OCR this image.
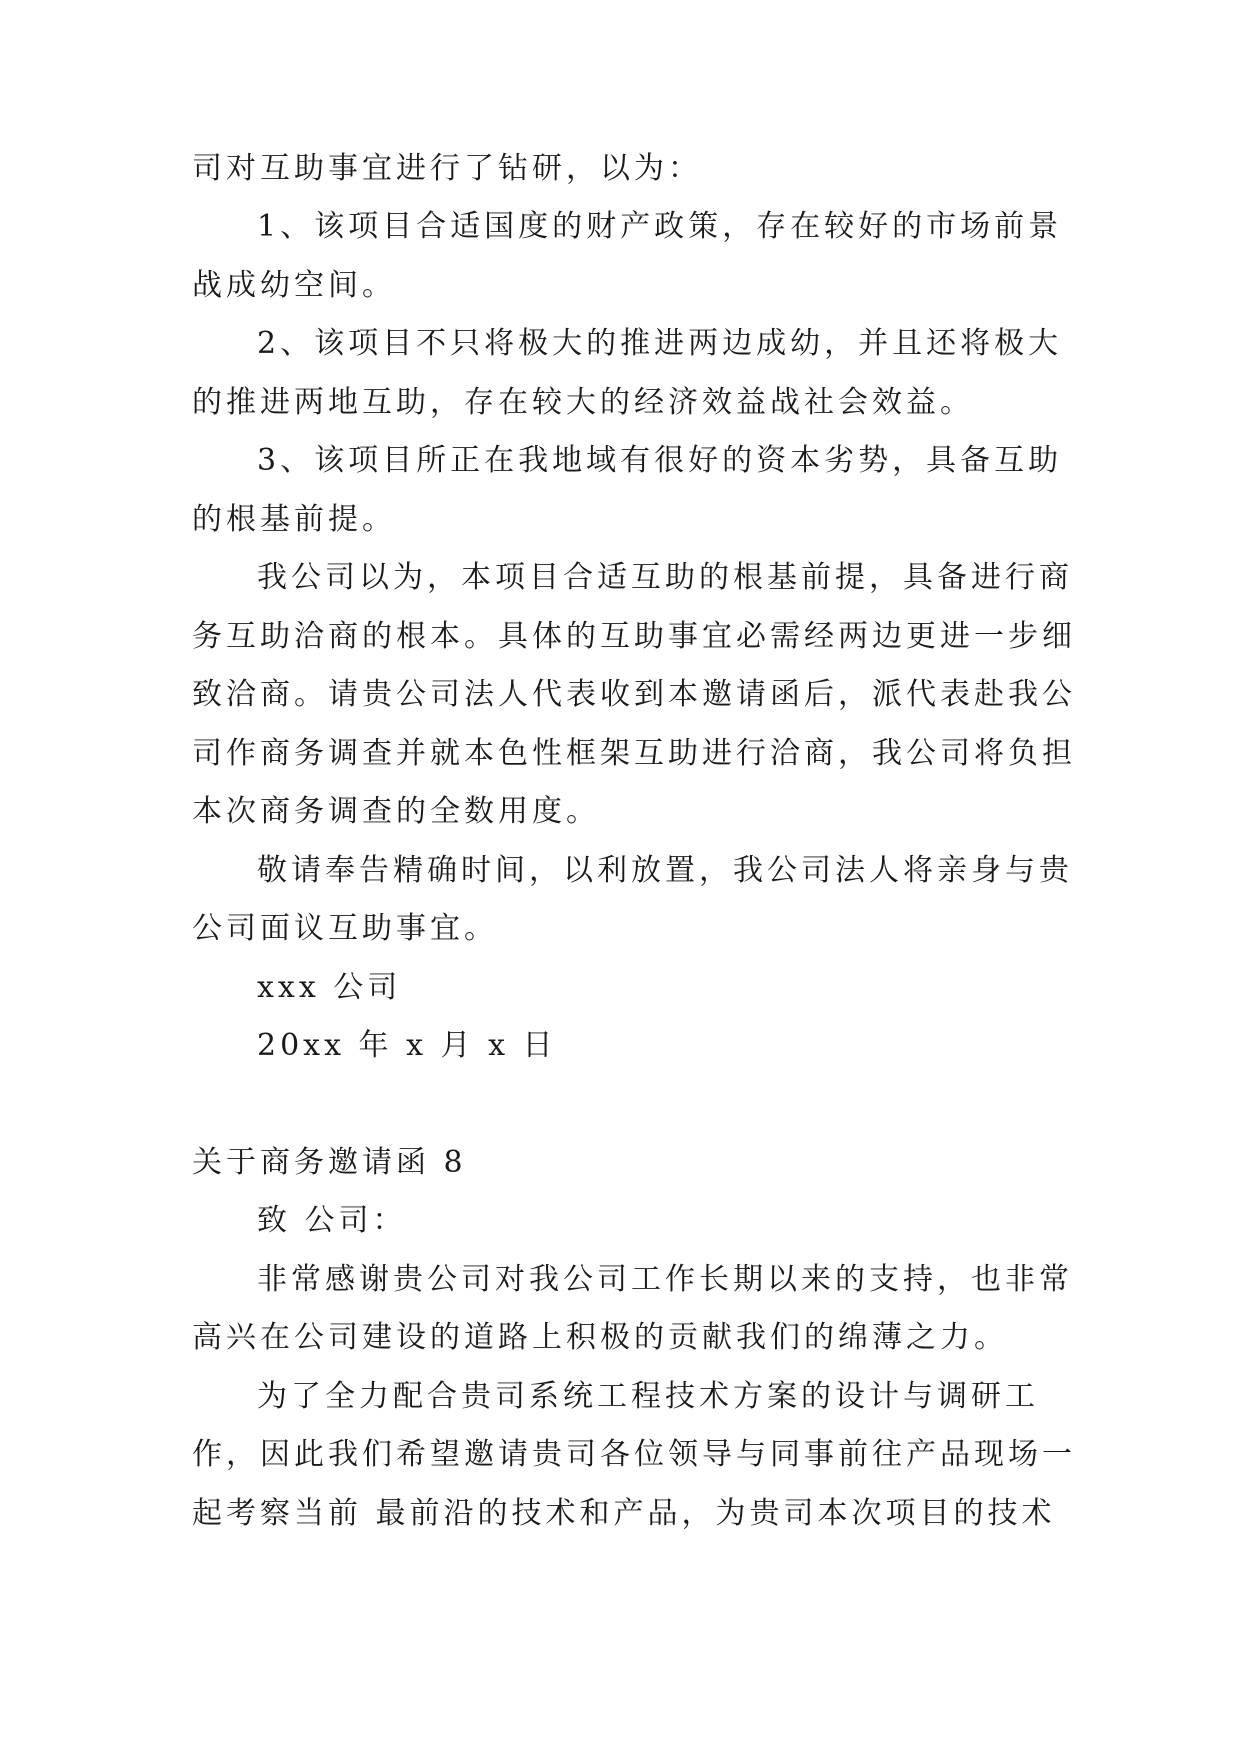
司对互助事宜进行了钻研，以为：
1、该项目合适国度的财产政策，存在较好的市场前景
战成幼空间。
2、该项目不只将极大的推进两边成幼，并且还将极大
的推进两地互助，存在较大的经济效益战社会效益。
3、该项目所正在我地域有很好的资本劣势，具备互助
的根基前提。
我公司以为，本项目合适互助的根基前提，具备进行商
务互助洽商的根本。具体的互助事宜必需经两边更进一步细
致洽商。请贵公司法人代表收到本邀请函后，派代表赴我公
司作商务调查并就本色性框架互助进行洽商，我公司将负担
本次商务调查的全数用度。
敬请奉告精确时间，以利放置，我公司法人将亲身与贵
公司面议互助事宜。
xxx 公司
20xx 年 x 月 x 日
关于商务邀请函 8
致 公司：
非常感谢贵公司对我公司工作长期以来的支持，也非常
高兴在公司建设的道路上积极的贡献我们的绵薄之力。
为了全力配合贵司系统工程技术方案的设计与调研工
作，因此我们希望邀请贵司各位领导与同事前往产品现场一
起考察当前 最前沿的技术和产品，为贵司本次项目的技术
